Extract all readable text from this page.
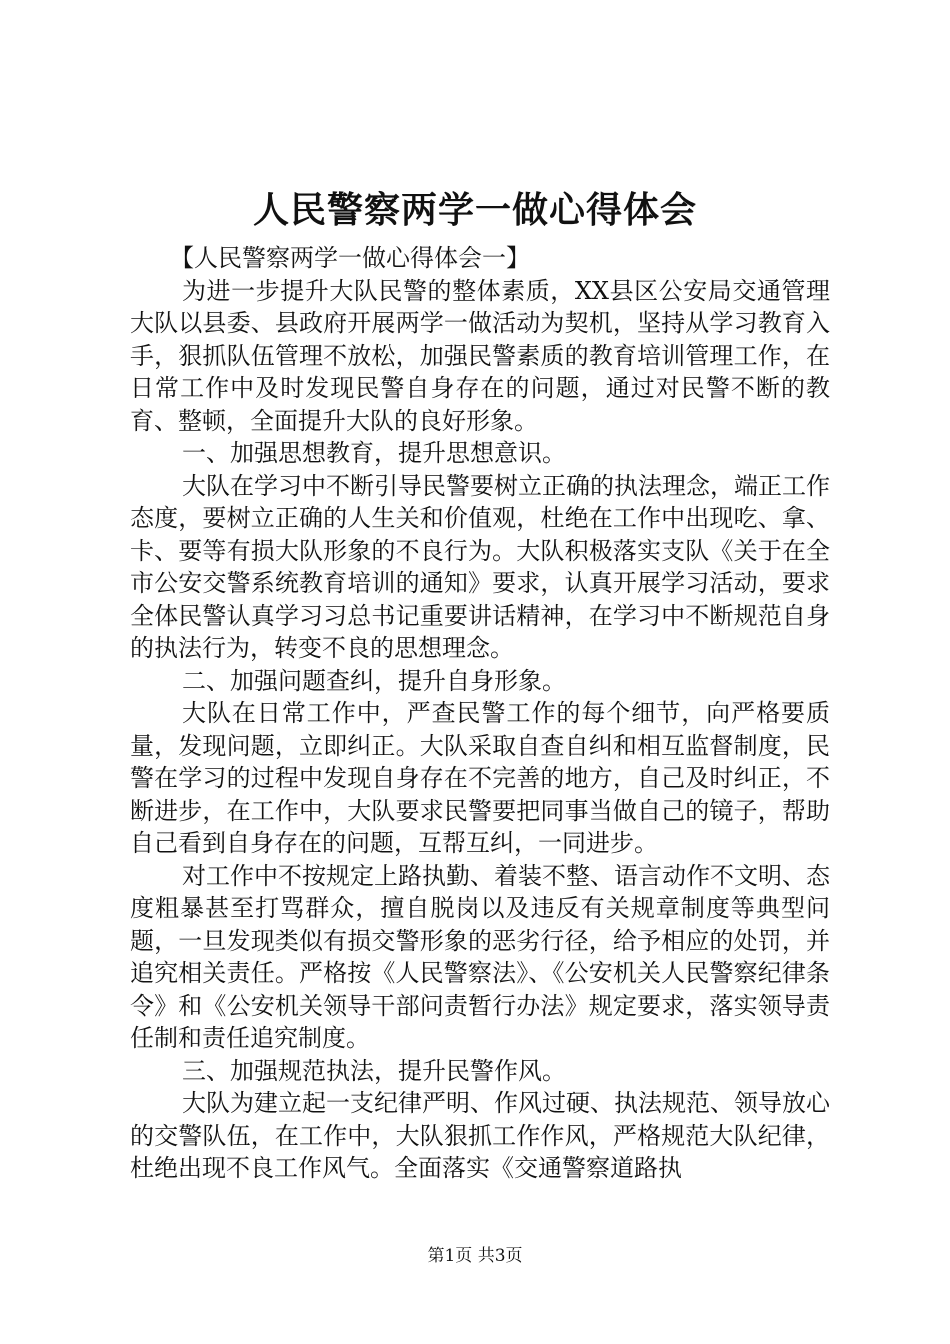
人民警察两学一做心得体会

【人民警察两学一做心得体会一】

为进一步提升大队民警的整体素质，XX县区公安局交通管理大队以县委、县政府开展两学一做活动为契机，坚持从学习教育入手，狠抓队伍管理不放松，加强民警素质的教育培训管理工作，在日常工作中及时发现民警自身存在的问题，通过对民警不断的教育、整顿，全面提升大队的良好形象。

一、加强思想教育，提升思想意识。

大队在学习中不断引导民警要树立正确的执法理念，端正工作态度，要树立正确的人生关和价值观，杜绝在工作中出现吃、拿、卡、要等有损大队形象的不良行为。大队积极落实支队《关于在全市公安交警系统教育培训的通知》要求，认真开展学习活动，要求全体民警认真学习习总书记重要讲话精神，在学习中不断规范自身的执法行为，转变不良的思想理念。

二、加强问题查纠，提升自身形象。

大队在日常工作中，严查民警工作的每个细节，向严格要质量，发现问题，立即纠正。大队采取自查自纠和相互监督制度，民警在学习的过程中发现自身存在不完善的地方，自己及时纠正，不断进步，在工作中，大队要求民警要把同事当做自己的镜子，帮助自己看到自身存在的问题，互帮互纠，一同进步。

对工作中不按规定上路执勤、着装不整、语言动作不文明、态度粗暴甚至打骂群众，擅自脱岗以及违反有关规章制度等典型问题，一旦发现类似有损交警形象的恶劣行径，给予相应的处罚，并追究相关责任。严格按《人民警察法》、《公安机关人民警察纪律条令》和《公安机关领导干部问责暂行办法》规定要求，落实领导责任制和责任追究制度。

三、加强规范执法，提升民警作风。

大队为建立起一支纪律严明、作风过硬、执法规范、领导放心的交警队伍，在工作中，大队狠抓工作作风，严格规范大队纪律，杜绝出现不良工作风气。全面落实《交通警察道路执

第1页 共3页
